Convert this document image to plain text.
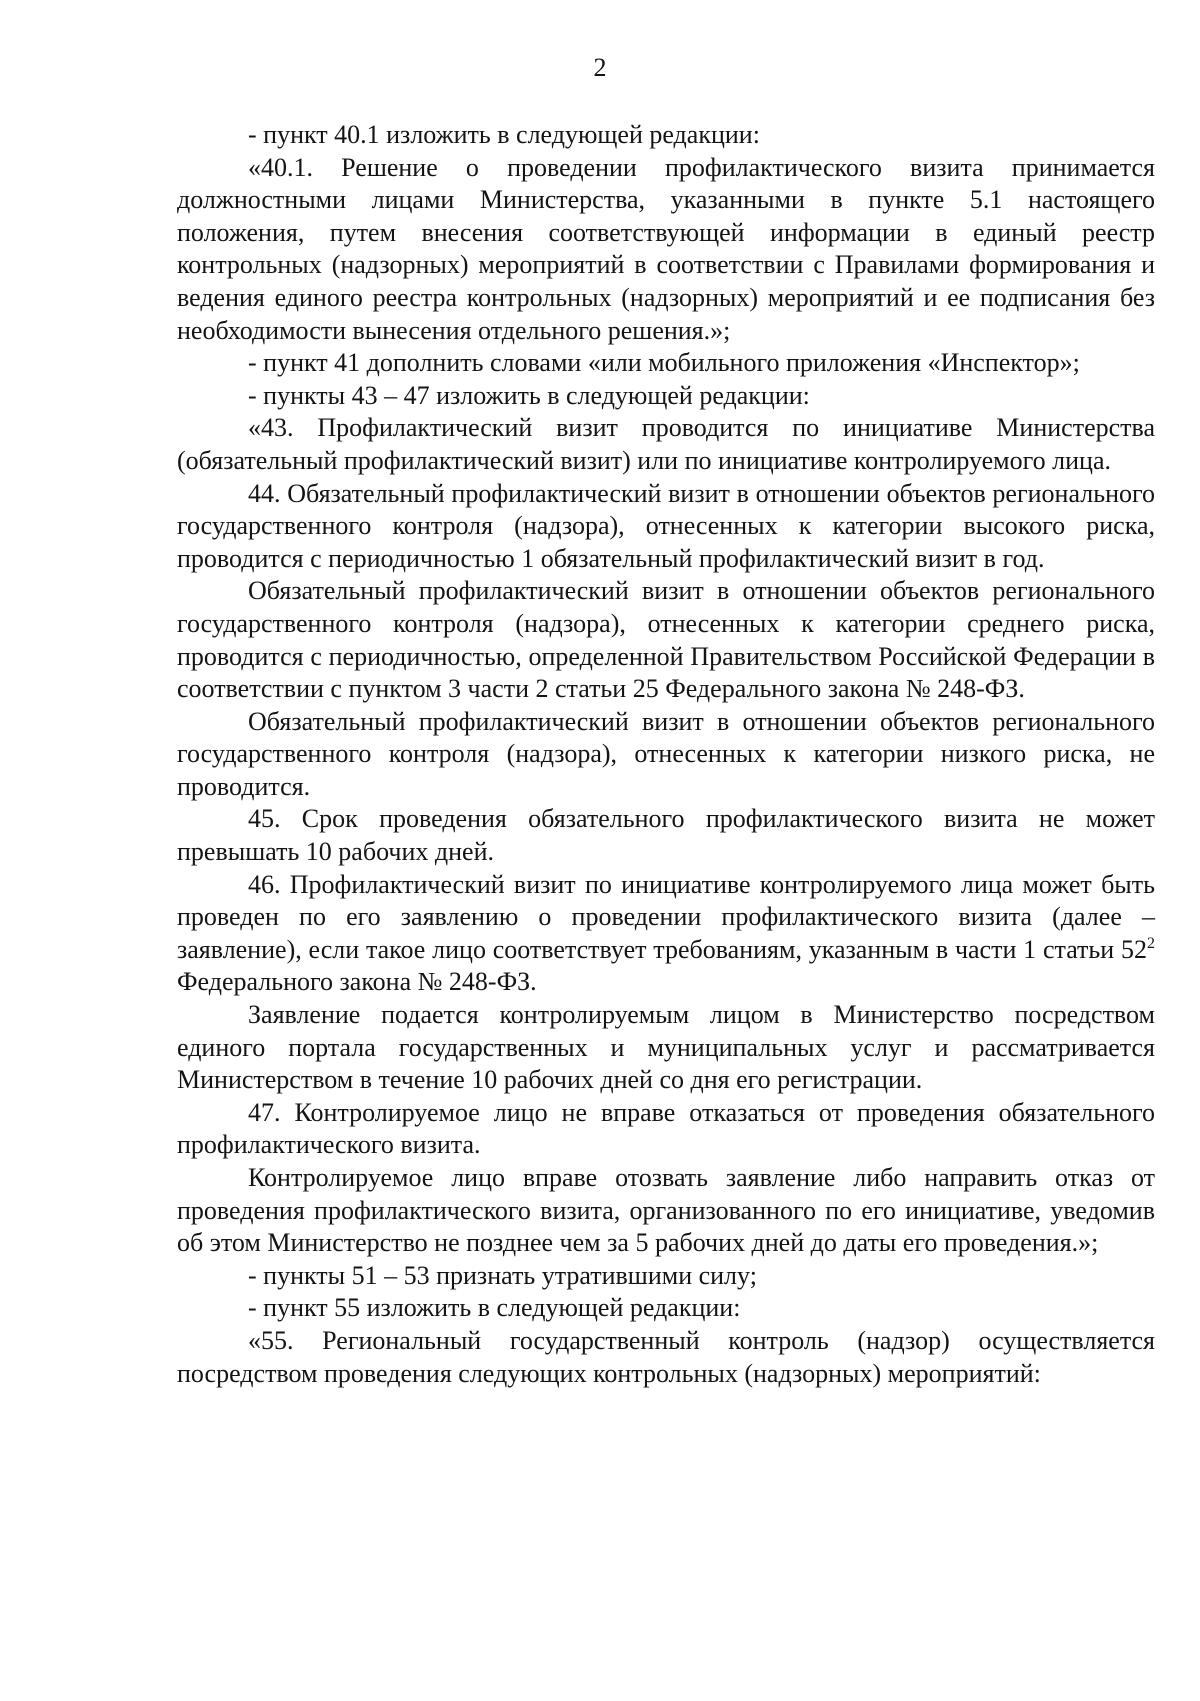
2

- пункт 40.1 изложить в следующей редакции:

«40.1. Решение о проведении профилактического визита принимается должностными лицами Министерства, указанными в пункте 5.1 настоящего положения, путем внесения соответствующей информации в единый реестр контрольных (надзорных) мероприятий в соответствии с Правилами формирования и ведения единого реестра контрольных (надзорных) мероприятий и ее подписания без необходимости вынесения отдельного решения.»;

- пункт 41 дополнить словами «или мобильного приложения «Инспектор»;

- пункты 43 – 47 изложить в следующей редакции:

«43. Профилактический визит проводится по инициативе Министерства (обязательный профилактический визит) или по инициативе контролируемого лица.

44. Обязательный профилактический визит в отношении объектов регионального государственного контроля (надзора), отнесенных к категории высокого риска, проводится с периодичностью 1 обязательный профилактический визит в год.

Обязательный профилактический визит в отношении объектов регионального государственного контроля (надзора), отнесенных к категории среднего риска, проводится с периодичностью, определенной Правительством Российской Федерации в соответствии с пунктом 3 части 2 статьи 25 Федерального закона № 248-ФЗ.

Обязательный профилактический визит в отношении объектов регионального государственного контроля (надзора), отнесенных к категории низкого риска, не проводится.

45. Срок проведения обязательного профилактического визита не может превышать 10 рабочих дней.

46. Профилактический визит по инициативе контролируемого лица может быть проведен по его заявлению о проведении профилактического визита (далее – заявление), если такое лицо соответствует требованиям, указанным в части 1 статьи $52^2$ Федерального закона № 248-ФЗ.

Заявление подается контролируемым лицом в Министерство посредством единого портала государственных и муниципальных услуг и рассматривается Министерством в течение 10 рабочих дней со дня его регистрации.

47. Контролируемое лицо не вправе отказаться от проведения обязательного профилактического визита.

Контролируемое лицо вправе отозвать заявление либо направить отказ от проведения профилактического визита, организованного по его инициативе, уведомив об этом Министерство не позднее чем за 5 рабочих дней до даты его проведения.»;

- пункты 51 – 53 признать утратившими силу;

- пункт 55 изложить в следующей редакции:

«55. Региональный государственный контроль (надзор) осуществляется посредством проведения следующих контрольных (надзорных) мероприятий:
